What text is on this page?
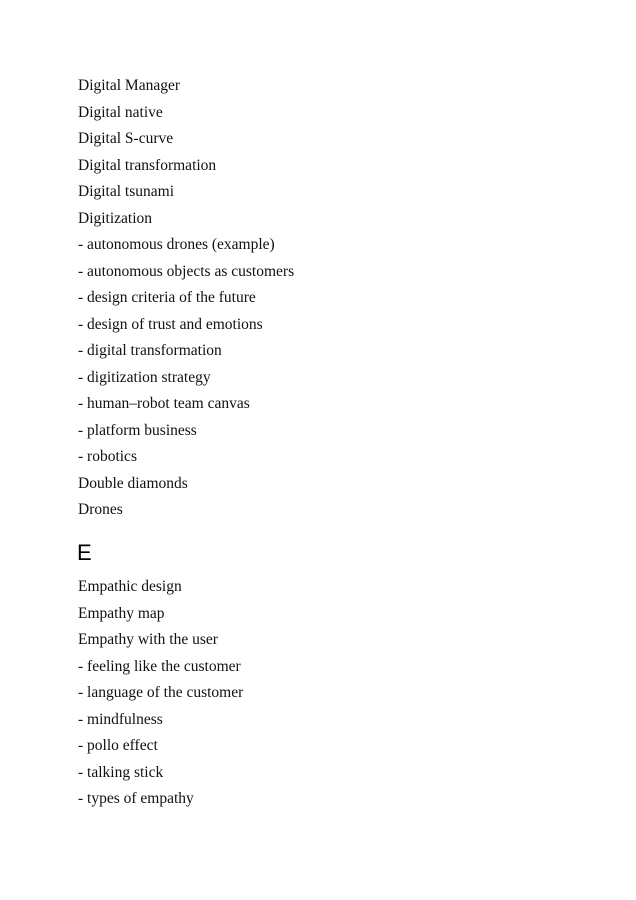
Digital Manager
Digital native
Digital S-curve
Digital transformation
Digital tsunami
Digitization
- autonomous drones (example)
- autonomous objects as customers
- design criteria of the future
- design of trust and emotions
- digital transformation
- digitization strategy
- human–robot team canvas
- platform business
- robotics
Double diamonds
Drones
E
Empathic design
Empathy map
Empathy with the user
- feeling like the customer
- language of the customer
- mindfulness
- pollo effect
- talking stick
- types of empathy
